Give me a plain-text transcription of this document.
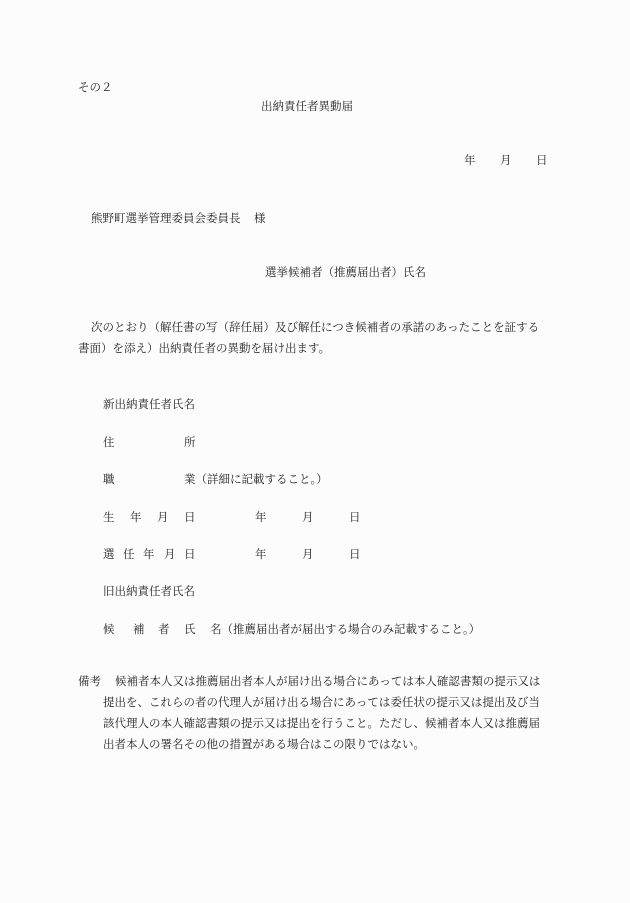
その２
出納責任者異動届
年 月 日
熊野町選挙管理委員会委員長 様
選挙候補者（推薦届出者）氏名
次のとおり（解任書の写（辞任届）及び解任につき候補者の承諾のあったことを証する
書面）を添え）出納責任者の異動を届け出ます。
新出納責任者氏名
住	所
職	業（詳細に記載すること。）
生 年 月 日	年	月	日
選 任 年 月 日	年	月	日
旧出納責任者氏名
候 補 者 氏 名（推薦届出者が届出する場合のみ記載すること。）
備考 候補者本人又は推薦届出者本人が届け出る場合にあっては本人確認書類の提示又は
提出を、これらの者の代理人が届け出る場合にあっては委任状の提示又は提出及び当
該代理人の本人確認書類の提示又は提出を行うこと。ただし、候補者本人又は推薦届
出者本人の署名その他の措置がある場合はこの限りではない。
